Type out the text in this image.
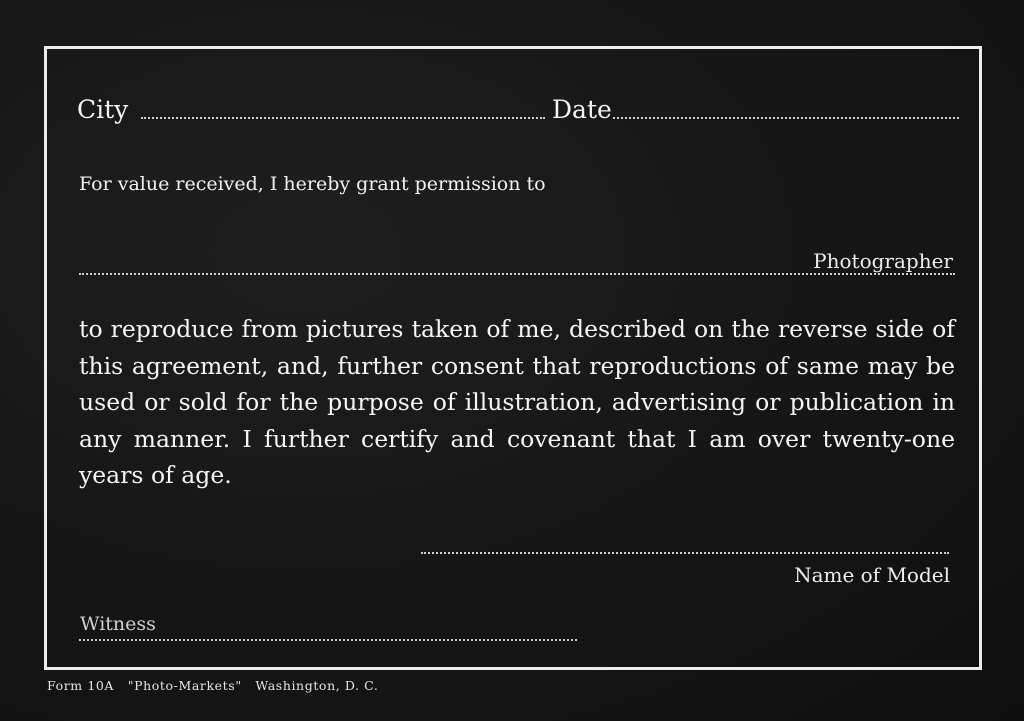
City	Date
For value received, I hereby grant permission to
Photographer

to reproduce from pictures taken of me, described on the reverse side of this agreement, and, further consent that reproductions of same may be used or sold for the purpose of illustration, advertising or publication in any manner. I further certify and covenant that I am over twenty-one years of age.

Name of Model
Witness
Form 10A   "Photo-Markets"   Washington, D. C.
